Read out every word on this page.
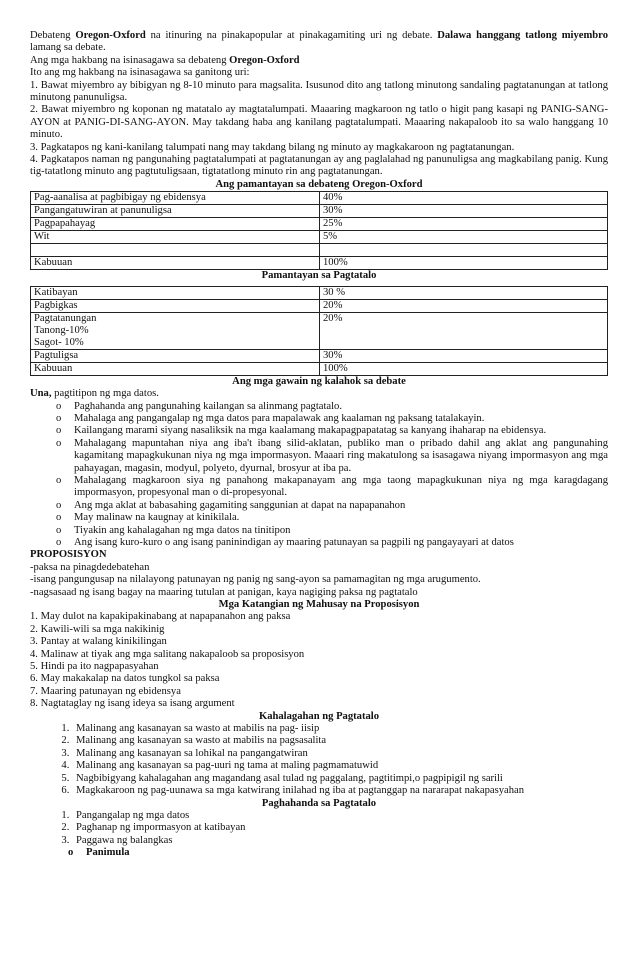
Debateng Oregon-Oxford na itinuring na pinakapopular at pinakagamiting uri ng debate. Dalawa hanggang tatlong miyembro lamang sa debate.

Ang mga hakbang na isinasagawa sa debateng Oregon-Oxford

Ito ang mg hakbang na isinasagawa sa ganitong uri:

1. Bawat miyembro ay bibigyan ng 8-10 minuto para magsalita. Isusunod dito ang tatlong minutong sandaling pagtatanungan at tatlong minutong panunuligsa.

2. Bawat miyembro ng koponan ng matatalo ay magtatalumpati. Maaaring magkaroon ng tatlo o higit pang kasapi ng PANIG-SANG-AYON at PANIG-DI-SANG-AYON. May takdang haba ang kanilang pagtatalumpati. Maaaring nakapaloob ito sa walo hanggang 10 minuto.

3. Pagkatapos ng kani-kanilang talumpati nang may takdang bilang ng minuto ay magkakaroon ng pagtatanungan.

4. Pagkatapos naman ng pangunahing pagtatalumpati at pagtatanungan ay ang paglalahad ng panunuligsa ang magkabilang panig. Kung tig-tatatlong minuto ang pagtutuligsaan, tigtatatlong minuto rin ang pagtatanungan.

Ang pamantayan sa debateng Oregon-Oxford

Pag-aanalisa at pagbibigay ng ebidensya	40%
Pangangatuwiran at panunuligsa	30%
Pagpapahayag	25%
Wit	5%

Kabuuan	100%

Pamantayan sa Pagtatalo

Katibayan	30 %
Pagbigkas	20%
Pagtatanungan
Tanong-10%
Sagot- 10%	20%
Pagtuligsa	30%
Kabuuan	100%

Ang mga gawain ng kalahok sa debate

Una, pagtitipon ng mga datos.

o Paghahanda ang pangunahing kailangan sa alinmang pagtatalo.
o Mahalaga ang pangangalap ng mga datos para mapalawak ang kaalaman ng paksang tatalakayin.
o Kailangang marami siyang nasaliksik na mga kaalamang makapagpapatatag sa kanyang ihaharap na ebidensya.
o Mahalagang mapuntahan niya ang iba't ibang silid-aklatan, publiko man o pribado dahil ang aklat ang pangunahing kagamitang mapagkukunan niya ng mga impormasyon. Maaari ring makatulong sa isasagawa niyang impormasyon ang mga pahayagan, magasin, modyul, polyeto, dyurnal, brosyur at iba pa.
o Mahalagang magkaroon siya ng panahong makapanayam ang mga taong mapagkukunan niya ng mga karagdagang impormasyon, propesyonal man o di-propesyonal.
o Ang mga aklat at babasahing gagamiting sanggunian at dapat na napapanahon
o May malinaw na kaugnay at kinikilala.
o Tiyakin ang kahalagahan ng mga datos na tinitipon
o Ang isang kuro-kuro o ang isang paninindigan ay maaring patunayan sa pagpili ng pangayayari at datos

PROPOSISYON

-paksa na pinagdedebatehan

-isang pangungusap na nilalayong patunayan ng panig ng sang-ayon sa pamamagitan ng mga arugumento.

-nagsasaad ng isang bagay na maaring tutulan at panigan, kaya nagiging paksa ng pagtatalo

Mga Katangian ng Mahusay na Proposisyon

1. May dulot na kapakipakinabang at napapanahon ang paksa

2. Kawili-wili sa mga nakikinig

3. Pantay at walang kinikilingan

4. Malinaw at tiyak ang mga salitang nakapaloob sa proposisyon

5. Hindi pa ito nagpapasyahan

6. May makakalap na datos tungkol sa paksa

7. Maaring patunayan ng ebidensya

8. Nagtataglay ng isang ideya sa isang argument

Kahalagahan ng Pagtatalo

1. Malinang ang kasanayan sa wasto at mabilis na pag- iisip
2. Malinang ang kasanayan sa wasto at mabilis na pagsasalita
3. Malinang ang kasanayan sa lohikal na pangangatwiran
4. Malinang ang kasanayan sa pag-uuri ng tama at maling pagmamatuwid
5. Nagbibigyang kahalagahan ang magandang asal tulad ng paggalang, pagtitimpi,o pagpipigil ng sarili
6. Magkakaroon ng pag-uunawa sa mga katwirang inilahad ng iba at pagtanggap na nararapat nakapasyahan

Paghahanda sa Pagtatalo

1. Pangangalap ng mga datos
2. Paghanap ng impormasyon at katibayan
3. Paggawa ng balangkas
o Panimula
